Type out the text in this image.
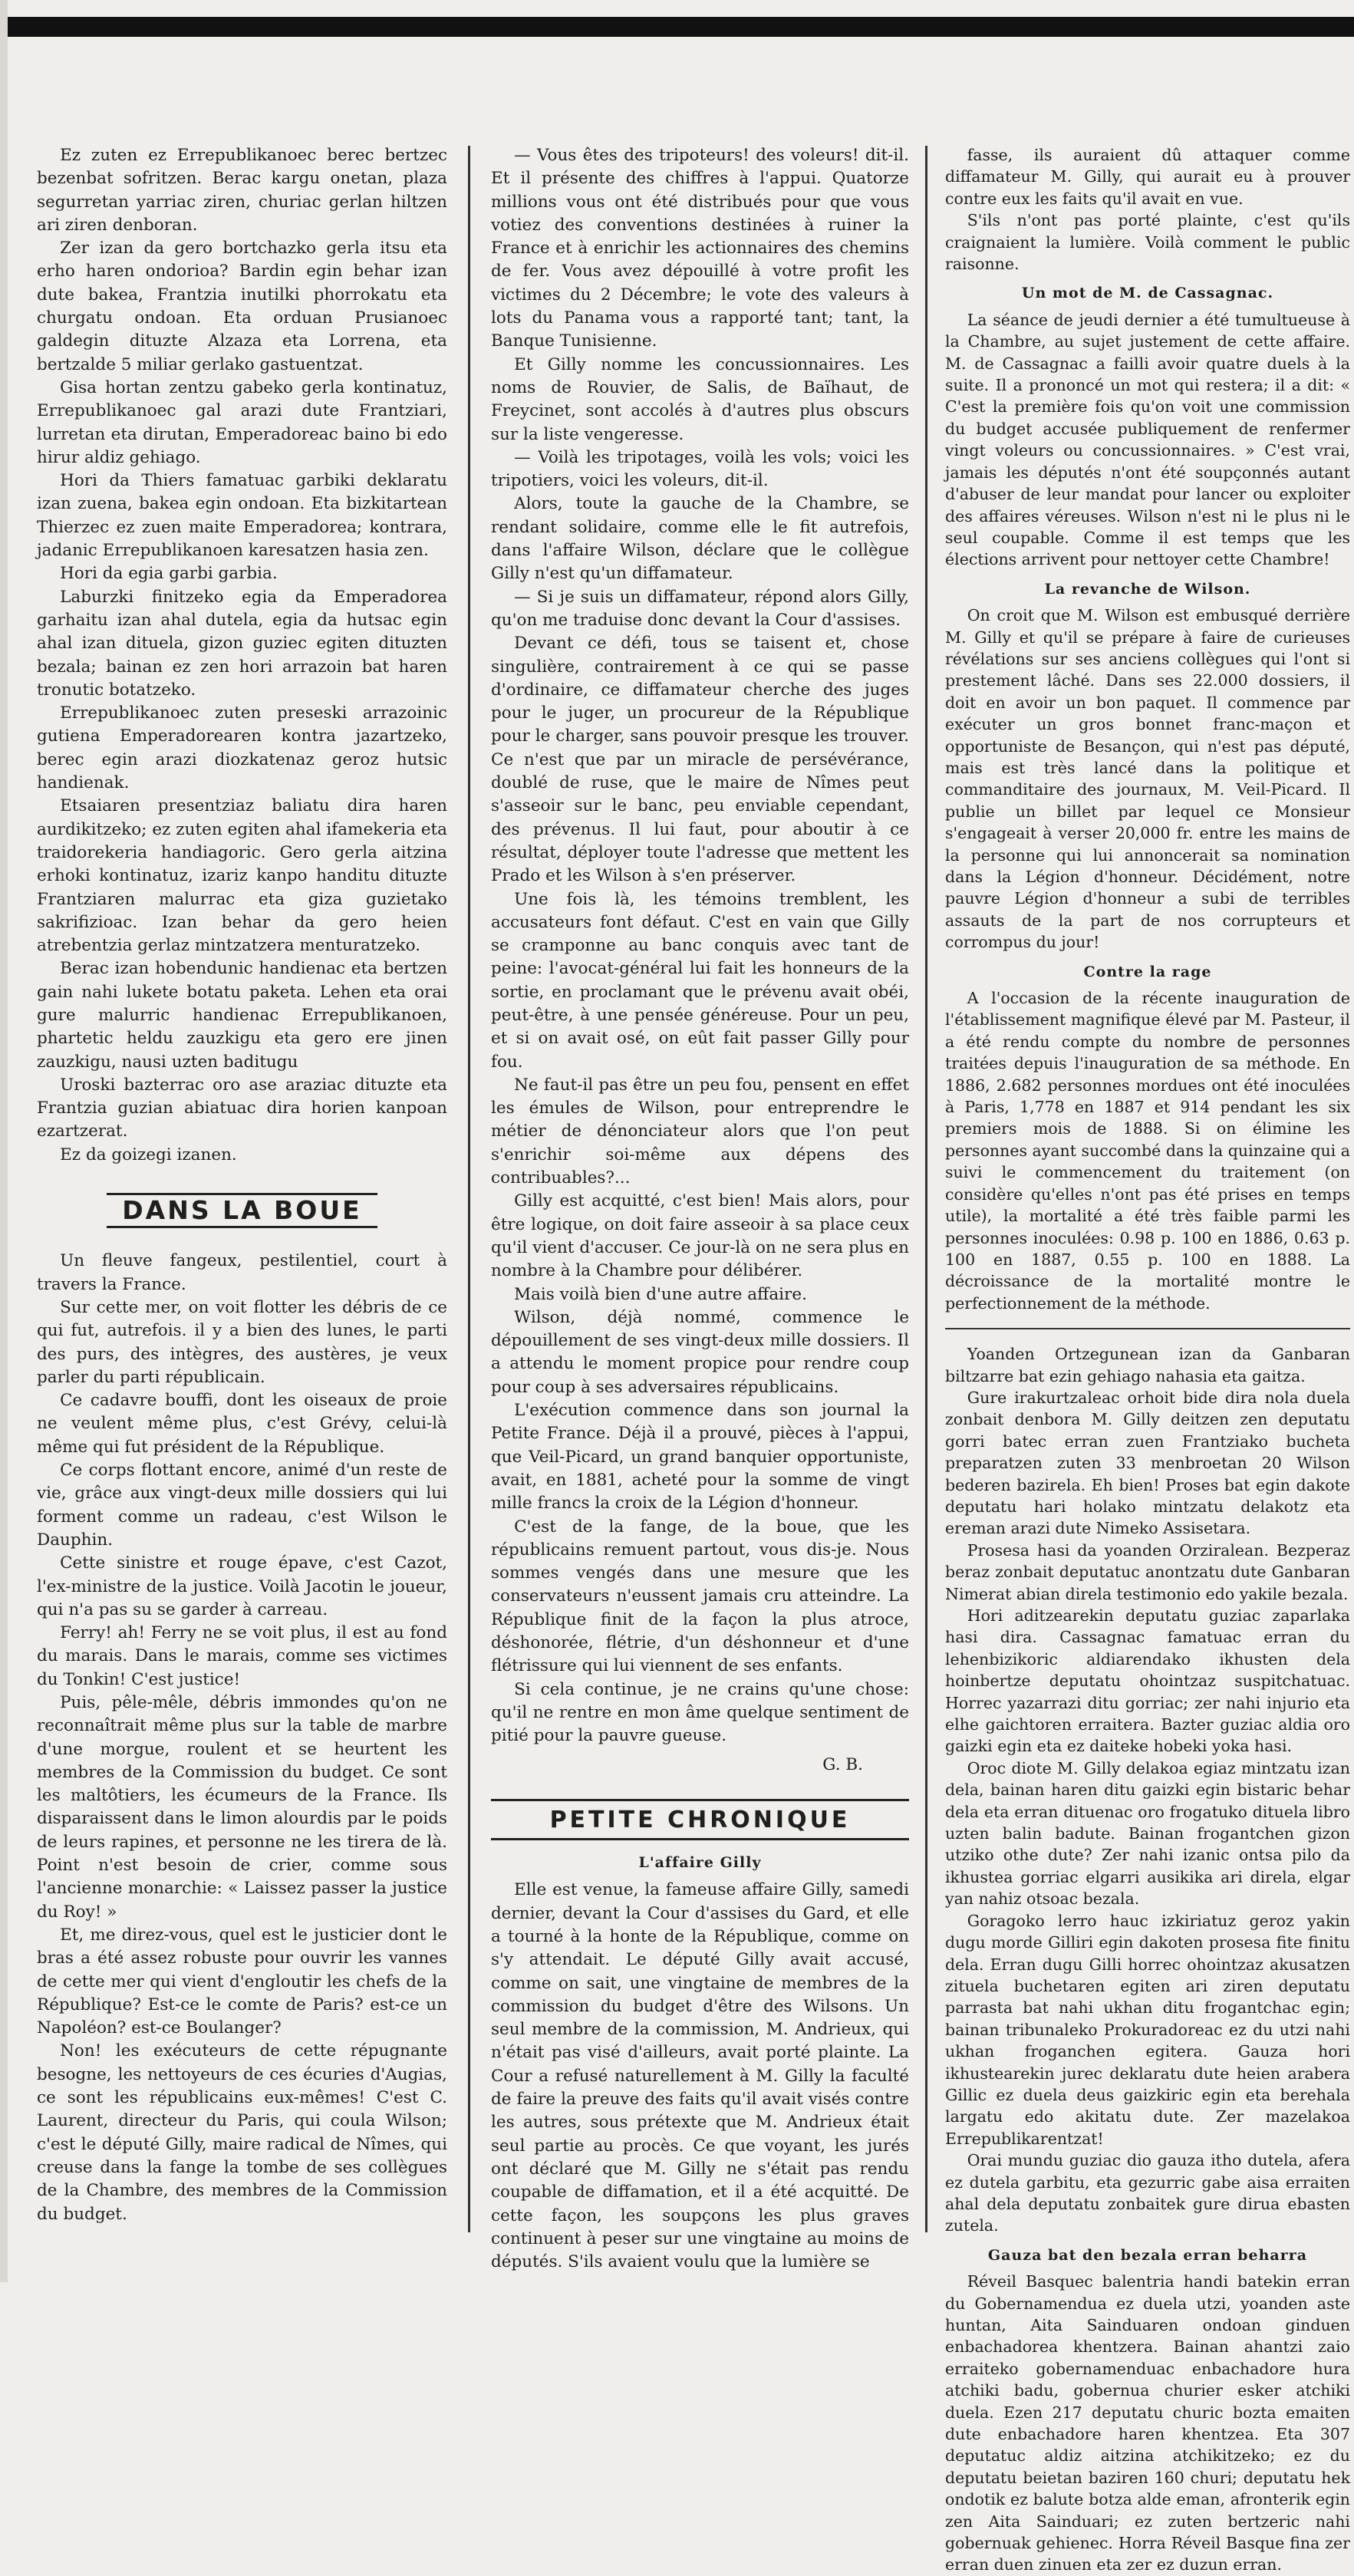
Ez zuten ez Errepublikanoec berec bertzec bezenbat sofritzen. Berac kargu onetan, plaza segurretan yarriac ziren, churiac gerlan hiltzen ari ziren denboran.

Zer izan da gero bortchazko gerla itsu eta erho haren ondorioa? Bardin egin behar izan dute bakea, Frantzia inutilki phorrokatu eta churgatu ondoan. Eta orduan Prusianoec galdegin dituzte Alzaza eta Lorrena, eta bertzalde 5 miliar gerlako gastuentzat.

Gisa hortan zentzu gabeko gerla kontinatuz, Errepublikanoec gal arazi dute Frantziari, lurretan eta dirutan, Emperadoreac baino bi edo hirur aldiz gehiago.

Hori da Thiers famatuac garbiki deklaratu izan zuena, bakea egin ondoan. Eta bizkitartean Thierzec ez zuen maite Emperadorea; kontrara, jadanic Errepublikanoen karesatzen hasia zen.

Hori da egia garbi garbia.

Laburzki finitzeko egia da Emperadorea garhaitu izan ahal dutela, egia da hutsac egin ahal izan dituela, gizon guziec egiten dituzten bezala; bainan ez zen hori arrazoin bat haren tronutic botatzeko.

Errepublikanoec zuten preseski arrazoinic gutiena Emperadorearen kontra jazartzeko, berec egin arazi diozkatenaz geroz hutsic handienak.

Etsaiaren presentziaz baliatu dira haren aurdikitzeko; ez zuten egiten ahal ifamekeria eta traidorekeria handiagoric. Gero gerla aitzina erhoki kontinatuz, izariz kanpo handitu dituzte Frantziaren malurrac eta giza guzietako sakrifizioac. Izan behar da gero heien atrebentzia gerlaz mintzatzera menturatzeko.

Berac izan hobendunic handienac eta bertzen gain nahi lukete botatu paketa. Lehen eta orai gure malurric handienac Errepublikanoen, phartetic heldu zauzkigu eta gero ere jinen zauzkigu, nausi uzten baditugu

Uroski bazterrac oro ase araziac dituzte eta Frantzia guzian abiatuac dira horien kanpoan ezartzerat.

Ez da goizegi izanen.

DANS LA BOUE

Un fleuve fangeux, pestilentiel, court à travers la France.

Sur cette mer, on voit flotter les débris de ce qui fut, autrefois. il y a bien des lunes, le parti des purs, des intègres, des austères, je veux parler du parti républicain.

Ce cadavre bouffi, dont les oiseaux de proie ne veulent même plus, c'est Grévy, celui-là même qui fut président de la République.

Ce corps flottant encore, animé d'un reste de vie, grâce aux vingt-deux mille dossiers qui lui forment comme un radeau, c'est Wilson le Dauphin.

Cette sinistre et rouge épave, c'est Cazot, l'ex-ministre de la justice. Voilà Jacotin le joueur, qui n'a pas su se garder à carreau.

Ferry! ah! Ferry ne se voit plus, il est au fond du marais. Dans le marais, comme ses victimes du Tonkin! C'est justice!

Puis, pêle-mêle, débris immondes qu'on ne reconnaîtrait même plus sur la table de marbre d'une morgue, roulent et se heurtent les membres de la Commission du budget. Ce sont les maltôtiers, les écumeurs de la France. Ils disparaissent dans le limon alourdis par le poids de leurs rapines, et personne ne les tirera de là. Point n'est besoin de crier, comme sous l'ancienne monarchie: « Laissez passer la justice du Roy! »

Et, me direz-vous, quel est le justicier dont le bras a été assez robuste pour ouvrir les vannes de cette mer qui vient d'engloutir les chefs de la République? Est-ce le comte de Paris? est-ce un Napoléon? est-ce Boulanger?

Non! les exécuteurs de cette répugnante besogne, les nettoyeurs de ces écuries d'Augias, ce sont les républicains eux-mêmes! C'est C. Laurent, directeur du Paris, qui coula Wilson; c'est le député Gilly, maire radical de Nîmes, qui creuse dans la fange la tombe de ses collègues de la Chambre, des membres de la Commission du budget.

— Vous êtes des tripoteurs! des voleurs! dit-il. Et il présente des chiffres à l'appui. Quatorze millions vous ont été distribués pour que vous votiez des conventions destinées à ruiner la France et à enrichir les actionnaires des chemins de fer. Vous avez dépouillé à votre profit les victimes du 2 Décembre; le vote des valeurs à lots du Panama vous a rapporté tant; tant, la Banque Tunisienne.

Et Gilly nomme les concussionnaires. Les noms de Rouvier, de Salis, de Baïhaut, de Freycinet, sont accolés à d'autres plus obscurs sur la liste vengeresse.

— Voilà les tripotages, voilà les vols; voici les tripotiers, voici les voleurs, dit-il.

Alors, toute la gauche de la Chambre, se rendant solidaire, comme elle le fit autrefois, dans l'affaire Wilson, déclare que le collègue Gilly n'est qu'un diffamateur.

— Si je suis un diffamateur, répond alors Gilly, qu'on me traduise donc devant la Cour d'assises.

Devant ce défi, tous se taisent et, chose singulière, contrairement à ce qui se passe d'ordinaire, ce diffamateur cherche des juges pour le juger, un procureur de la République pour le charger, sans pouvoir presque les trouver. Ce n'est que par un miracle de persévérance, doublé de ruse, que le maire de Nîmes peut s'asseoir sur le banc, peu enviable cependant, des prévenus. Il lui faut, pour aboutir à ce résultat, déployer toute l'adresse que mettent les Prado et les Wilson à s'en préserver.

Une fois là, les témoins tremblent, les accusateurs font défaut. C'est en vain que Gilly se cramponne au banc conquis avec tant de peine: l'avocat-général lui fait les honneurs de la sortie, en proclamant que le prévenu avait obéi, peut-être, à une pensée généreuse. Pour un peu, et si on avait osé, on eût fait passer Gilly pour fou.

Ne faut-il pas être un peu fou, pensent en effet les émules de Wilson, pour entreprendre le métier de dénonciateur alors que l'on peut s'enrichir soi-même aux dépens des contribuables?...

Gilly est acquitté, c'est bien! Mais alors, pour être logique, on doit faire asseoir à sa place ceux qu'il vient d'accuser. Ce jour-là on ne sera plus en nombre à la Chambre pour délibérer.

Mais voilà bien d'une autre affaire.

Wilson, déjà nommé, commence le dépouillement de ses vingt-deux mille dossiers. Il a attendu le moment propice pour rendre coup pour coup à ses adversaires républicains.

L'exécution commence dans son journal la Petite France. Déjà il a prouvé, pièces à l'appui, que Veil-Picard, un grand banquier opportuniste, avait, en 1881, acheté pour la somme de vingt mille francs la croix de la Légion d'honneur.

C'est de la fange, de la boue, que les républicains remuent partout, vous dis-je. Nous sommes vengés dans une mesure que les conservateurs n'eussent jamais cru atteindre. La République finit de la façon la plus atroce, déshonorée, flétrie, d'un déshonneur et d'une flétrissure qui lui viennent de ses enfants.

Si cela continue, je ne crains qu'une chose: qu'il ne rentre en mon âme quelque sentiment de pitié pour la pauvre gueuse.

G. B.
PETITE CHRONIQUE
L'affaire Gilly

Elle est venue, la fameuse affaire Gilly, samedi dernier, devant la Cour d'assises du Gard, et elle a tourné à la honte de la République, comme on s'y attendait. Le député Gilly avait accusé, comme on sait, une vingtaine de membres de la commission du budget d'être des Wilsons. Un seul membre de la commission, M. Andrieux, qui n'était pas visé d'ailleurs, avait porté plainte. La Cour a refusé naturellement à M. Gilly la faculté de faire la preuve des faits qu'il avait visés contre les autres, sous prétexte que M. Andrieux était seul partie au procès. Ce que voyant, les jurés ont déclaré que M. Gilly ne s'était pas rendu coupable de diffamation, et il a été acquitté. De cette façon, les soupçons les plus graves continuent à peser sur une vingtaine au moins de députés. S'ils avaient voulu que la lumière se

fasse, ils auraient dû attaquer comme diffamateur M. Gilly, qui aurait eu à prouver contre eux les faits qu'il avait en vue.

S'ils n'ont pas porté plainte, c'est qu'ils craignaient la lumière. Voilà comment le public raisonne.

Un mot de M. de Cassagnac.

La séance de jeudi dernier a été tumultueuse à la Chambre, au sujet justement de cette affaire. M. de Cassagnac a failli avoir quatre duels à la suite. Il a prononcé un mot qui restera; il a dit: « C'est la première fois qu'on voit une commission du budget accusée publiquement de renfermer vingt voleurs ou concussionnaires. » C'est vrai, jamais les députés n'ont été soupçonnés autant d'abuser de leur mandat pour lancer ou exploiter des affaires véreuses. Wilson n'est ni le plus ni le seul coupable. Comme il est temps que les élections arrivent pour nettoyer cette Chambre!

La revanche de Wilson.

On croit que M. Wilson est embusqué derrière M. Gilly et qu'il se prépare à faire de curieuses révélations sur ses anciens collègues qui l'ont si prestement lâché. Dans ses 22.000 dossiers, il doit en avoir un bon paquet. Il commence par exécuter un gros bonnet franc-maçon et opportuniste de Besançon, qui n'est pas député, mais est très lancé dans la politique et commanditaire des journaux, M. Veil-Picard. Il publie un billet par lequel ce Monsieur s'engageait à verser 20,000 fr. entre les mains de la personne qui lui annoncerait sa nomination dans la Légion d'honneur. Décidément, notre pauvre Légion d'honneur a subi de terribles assauts de la part de nos corrupteurs et corrompus du jour!

Contre la rage

A l'occasion de la récente inauguration de l'établissement magnifique élevé par M. Pasteur, il a été rendu compte du nombre de personnes traitées depuis l'inauguration de sa méthode. En 1886, 2.682 personnes mordues ont été inoculées à Paris, 1,778 en 1887 et 914 pendant les six premiers mois de 1888. Si on élimine les personnes ayant succombé dans la quinzaine qui a suivi le commencement du traitement (on considère qu'elles n'ont pas été prises en temps utile), la mortalité a été très faible parmi les personnes inoculées: 0.98 p. 100 en 1886, 0.63 p. 100 en 1887, 0.55 p. 100 en 1888. La décroissance de la mortalité montre le perfectionnement de la méthode.

Yoanden Ortzegunean izan da Ganbaran biltzarre bat ezin gehiago nahasia eta gaitza.

Gure irakurtzaleac orhoit bide dira nola duela zonbait denbora M. Gilly deitzen zen deputatu gorri batec erran zuen Frantziako bucheta preparatzen zuten 33 menbroetan 20 Wilson bederen bazirela. Eh bien! Proses bat egin dakote deputatu hari holako mintzatu delakotz eta ereman arazi dute Nimeko Assisetara.

Prosesa hasi da yoanden Orziralean. Bezperaz beraz zonbait deputatuc anontzatu dute Ganbaran Nimerat abian direla testimonio edo yakile bezala.

Hori aditzearekin deputatu guziac zaparlaka hasi dira. Cassagnac famatuac erran du lehenbizikoric aldiarendako ikhusten dela hoinbertze deputatu ohointzaz suspitchatuac. Horrec yazarrazi ditu gorriac; zer nahi injurio eta elhe gaichtoren erraitera. Bazter guziac aldia oro gaizki egin eta ez daiteke hobeki yoka hasi.

Oroc diote M. Gilly delakoa egiaz mintzatu izan dela, bainan haren ditu gaizki egin bistaric behar dela eta erran dituenac oro frogatuko dituela libro uzten balin badute. Bainan frogantchen gizon utziko othe dute? Zer nahi izanic ontsa pilo da ikhustea gorriac elgarri ausikika ari direla, elgar yan nahiz otsoac bezala.

Goragoko lerro hauc izkiriatuz geroz yakin dugu morde Gilliri egin dakoten prosesa fite finitu dela. Erran dugu Gilli horrec ohointzaz akusatzen zituela buchetaren egiten ari ziren deputatu parrasta bat nahi ukhan ditu frogantchac egin; bainan tribunaleko Prokuradoreac ez du utzi nahi ukhan froganchen egitera. Gauza hori ikhustearekin jurec deklaratu dute heien arabera Gillic ez duela deus gaizkiric egin eta berehala largatu edo akitatu dute. Zer mazelakoa Errepublikarentzat!

Orai mundu guziac dio gauza itho dutela, afera ez dutela garbitu, eta gezurric gabe aisa erraiten ahal dela deputatu zonbaitek gure dirua ebasten zutela.

Gauza bat den bezala erran beharra

Réveil Basquec balentria handi batekin erran du Gobernamendua ez duela utzi, yoanden aste huntan, Aita Sainduaren ondoan ginduen enbachadorea khentzera. Bainan ahantzi zaio erraiteko gobernamenduac enbachadore hura atchiki badu, gobernua churier esker atchiki duela. Ezen 217 deputatu churic bozta emaiten dute enbachadore haren khentzea. Eta 307 deputatuc aldiz aitzina atchikitzeko; ez du deputatu beietan baziren 160 churi; deputatu hek ondotik ez balute botza alde eman, afronterik egin zen Aita Sainduari; ez zuten bertzeric nahi gobernuak gehienec. Horra Réveil Basque fina zer erran duen zinuen eta zer ez duzun erran.
